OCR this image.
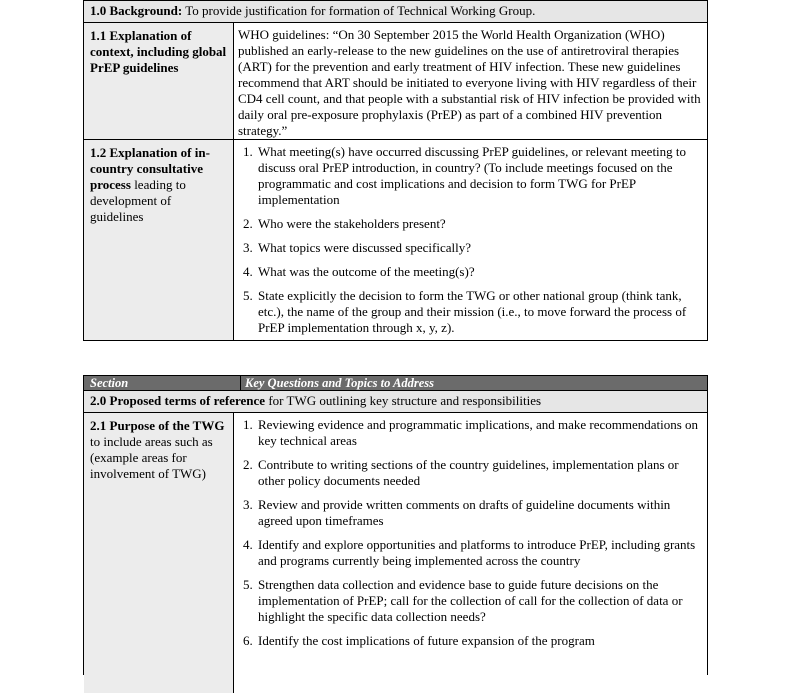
1.0 Background: To provide justification for formation of Technical Working Group.
1.1 Explanation of context, including global PrEP guidelines
WHO guidelines: “On 30 September 2015 the World Health Organization (WHO) published an early-release to the new guidelines on the use of antiretroviral therapies (ART) for the prevention and early treatment of HIV infection. These new guidelines recommend that ART should be initiated to everyone living with HIV regardless of their CD4 cell count, and that people with a substantial risk of HIV infection be provided with daily oral pre-exposure prophylaxis (PrEP) as part of a combined HIV prevention strategy.”
1.2 Explanation of in-country consultative process leading to development of guidelines
1. What meeting(s) have occurred discussing PrEP guidelines, or relevant meeting to discuss oral PrEP introduction, in country? (To include meetings focused on the programmatic and cost implications and decision to form TWG for PrEP implementation
2. Who were the stakeholders present?
3. What topics were discussed specifically?
4. What was the outcome of the meeting(s)?
5. State explicitly the decision to form the TWG or other national group (think tank, etc.), the name of the group and their mission (i.e., to move forward the process of PrEP implementation through x, y, z).
Section	Key Questions and Topics to Address
2.0 Proposed terms of reference for TWG outlining key structure and responsibilities
2.1 Purpose of the TWG to include areas such as (example areas for involvement of TWG)
1. Reviewing evidence and programmatic implications, and make recommendations on key technical areas
2. Contribute to writing sections of the country guidelines, implementation plans or other policy documents needed
3. Review and provide written comments on drafts of guideline documents within agreed upon timeframes
4. Identify and explore opportunities and platforms to introduce PrEP, including grants and programs currently being implemented across the country
5. Strengthen data collection and evidence base to guide future decisions on the implementation of PrEP; call for the collection of call for the collection of data or highlight the specific data collection needs?
6. Identify the cost implications of future expansion of the program
